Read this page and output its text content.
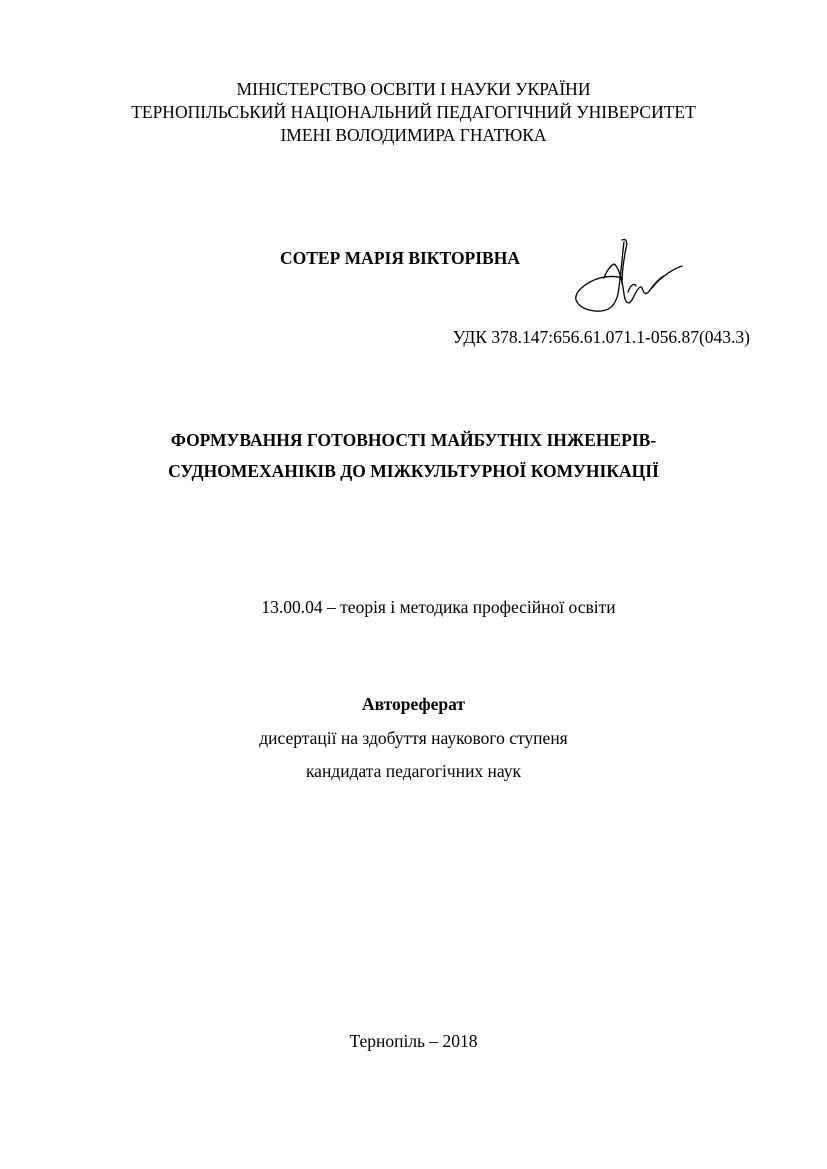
МІНІСТЕРСТВО ОСВІТИ І НАУКИ УКРАЇНИ
ТЕРНОПІЛЬСЬКИЙ НАЦІОНАЛЬНИЙ ПЕДАГОГІЧНИЙ УНІВЕРСИТЕТ
ІМЕНІ ВОЛОДИМИРА ГНАТЮКА
СОТЕР МАРІЯ ВІКТОРІВНА
УДК 378.147:656.61.071.1-056.87(043.3)
ФОРМУВАННЯ ГОТОВНОСТІ МАЙБУТНІХ ІНЖЕНЕРІВ-
СУДНОМЕХАНІКІВ ДО МІЖКУЛЬТУРНОЇ КОМУНІКАЦІЇ
13.00.04 – теорія і методика професійної освіти
Автореферат
дисертації на здобуття наукового ступеня
кандидата педагогічних наук
Тернопіль – 2018
